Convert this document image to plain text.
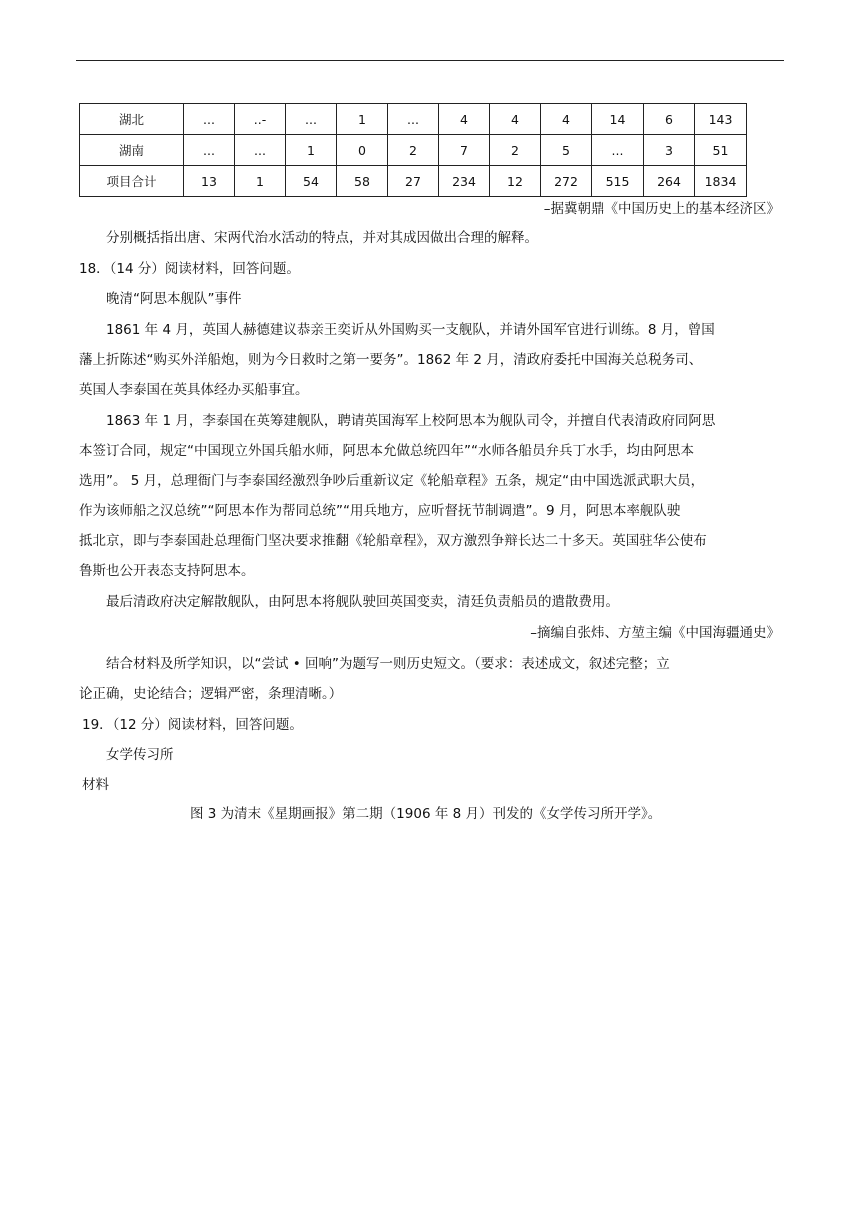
湖北	...	..-	...	1	...	4	4	4	14	6	143
湖南	...	...	1	0	2	7	2	5	...	3	51
项目合计	13	1	54	58	27	234	12	272	515	264	1834
–据冀朝鼎《中国历史上的基本经济区》
分别概括指出唐、宋两代治水活动的特点，并对其成因做出合理的解释。
18．（14 分）阅读材料，回答问题。
晚清“阿思本舰队”事件
1861 年 4 月，英国人赫德建议恭亲王奕䜣从外国购买一支舰队，并请外国军官进行训练。8 月，曾国
藩上折陈述“购买外洋船炮，则为今日救时之第一要务”。1862 年 2 月，清政府委托中国海关总税务司、
英国人李泰国在英具体经办买船事宜。
1863 年 1 月，李泰国在英筹建舰队，聘请英国海军上校阿思本为舰队司令，并擅自代表清政府同阿思
本签订合同，规定“中国现立外国兵船水师，阿思本允做总统四年”“水师各船员弁兵丁水手，均由阿思本
选用”。 5 月，总理衙门与李泰国经激烈争吵后重新议定《轮船章程》五条，规定“由中国选派武职大员，
作为该师船之汉总统”“阿思本作为帮同总统”“用兵地方，应听督抚节制调遣”。9 月，阿思本率舰队驶
抵北京，即与李泰国赴总理衙门坚决要求推翻《轮船章程》，双方激烈争辩长达二十多天。英国驻华公使布
鲁斯也公开表态支持阿思本。
最后清政府决定解散舰队，由阿思本将舰队驶回英国变卖，清廷负责船员的遣散费用。
–摘编自张炜、方堃主编《中国海疆通史》
结合材料及所学知识，以“尝试 • 回响”为题写一则历史短文。（要求：表述成文，叙述完整；立
论正确，史论结合；逻辑严密，条理清晰。）
19．（12 分）阅读材料，回答问题。
女学传习所
材料
图 3 为清末《星期画报》第二期（1906 年 8 月）刊发的《女学传习所开学》。
